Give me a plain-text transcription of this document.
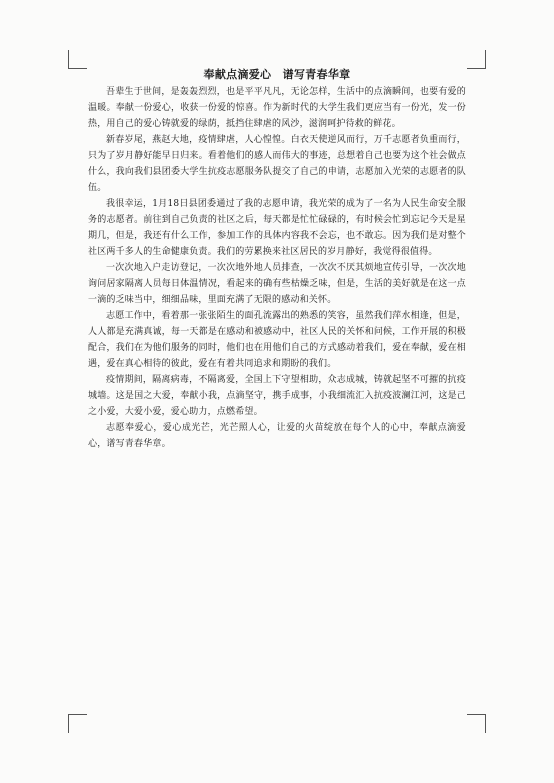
奉献点滴爱心　谱写青春华章

吾辈生于世间，是轰轰烈烈，也是平平凡凡，无论怎样，生活中的点滴瞬间，也要有爱的温暖。奉献一份爱心，收获一份爱的惊喜。作为新时代的大学生我们更应当有一份光，发一份热，用自己的爱心铸就爱的绿荫，抵挡住肆虐的风沙，滋润呵护待救的鲜花。

新春岁尾，燕赵大地，疫情肆虐，人心惶惶。白衣天使逆风而行，万千志愿者负重而行，只为了岁月静好能早日归来。看着他们的感人而伟大的事迹，总想着自己也要为这个社会做点什么，我向我们县团委大学生抗疫志愿服务队提交了自己的申请，志愿加入光荣的志愿者的队伍。

我很幸运，1月18日县团委通过了我的志愿申请，我光荣的成为了一名为人民生命安全服务的志愿者。前往到自己负责的社区之后，每天都是忙忙碌碌的，有时候会忙到忘记今天是星期几，但是，我还有什么工作，参加工作的具体内容我不会忘，也不敢忘。因为我们是对整个社区两千多人的生命健康负责。我们的劳累换来社区居民的岁月静好，我觉得很值得。

一次次地入户走访登记，一次次地外地人员排查，一次次不厌其烦地宣传引导，一次次地询问居家隔离人员每日体温情况，看起来的确有些枯燥乏味，但是，生活的美好就是在这一点一滴的乏味当中，细细品味，里面充满了无限的感动和关怀。

志愿工作中，看着那一张张陌生的面孔流露出的熟悉的笑容，虽然我们萍水相逢，但是，人人都是充满真诚，每一天都是在感动和被感动中，社区人民的关怀和问候，工作开展的积极配合，我们在为他们服务的同时，他们也在用他们自己的方式感动着我们，爱在奉献，爱在相遇，爱在真心相待的彼此，爱在有着共同追求和期盼的我们。

疫情期间，隔离病毒，不隔离爱，全国上下守望相助，众志成城，铸就起坚不可摧的抗疫城墙。这是国之大爱，奉献小我，点滴坚守，携手成事，小我细流汇入抗疫波澜江河，这是己之小爱，大爱小爱，爱心助力，点燃希望。

志愿奉爱心，爱心成光芒，光芒照人心，让爱的火苗绽放在每个人的心中，奉献点滴爱心，谱写青春华章。
